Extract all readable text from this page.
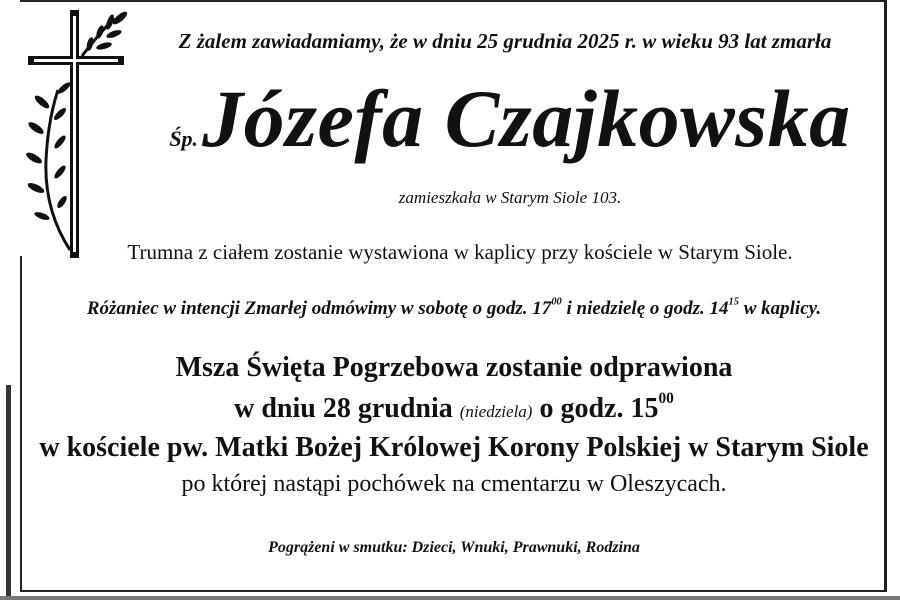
Z żalem zawiadamiamy, że w dniu 25 grudnia 2025 r. w wieku 93 lat zmarła
Śp.Józefa Czajkowska
zamieszkała w Starym Siole 103.
Trumna z ciałem zostanie wystawiona w kaplicy przy kościele w Starym Siole.
Różaniec w intencji Zmarłej odmówimy w sobotę o godz. $17^{00}$ i niedzielę o godz. $14^{15}$ w kaplicy.
Msza Święta Pogrzebowa zostanie odprawiona
w dniu 28 grudnia (niedziela) o godz. $15^{00}$
w kościele pw. Matki Bożej Królowej Korony Polskiej w Starym Siole
po której nastąpi pochówek na cmentarzu w Oleszycach.
Pogrążeni w smutku: Dzieci, Wnuki, Prawnuki, Rodzina
